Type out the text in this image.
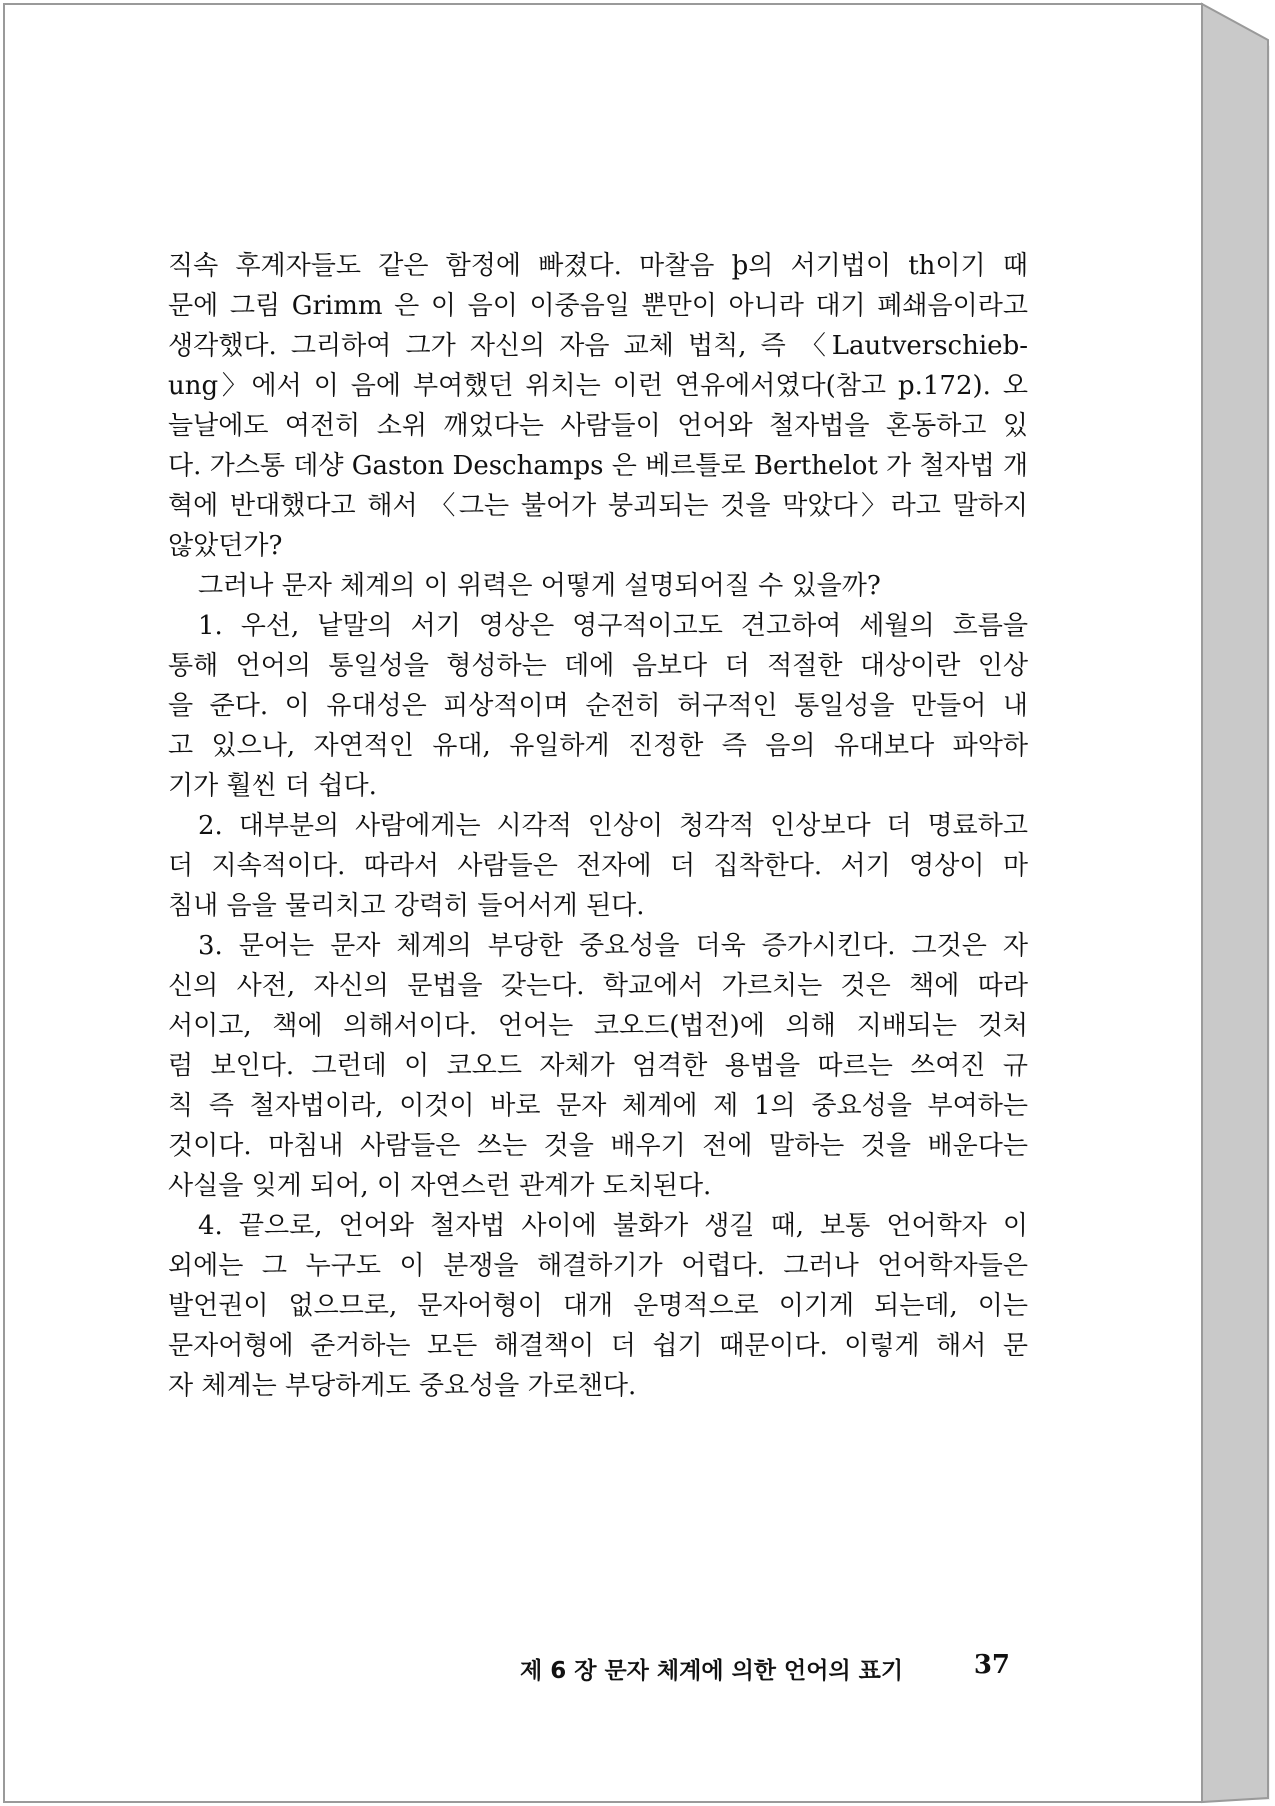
직속 후계자들도 같은 함정에 빠졌다. 마찰음 þ의 서기법이 th이기 때
문에 그림 Grimm 은 이 음이 이중음일 뿐만이 아니라 대기 폐쇄음이라고
생각했다. 그리하여 그가 자신의 자음 교체 법칙, 즉 〈Lautverschieb-
ung〉에서 이 음에 부여했던 위치는 이런 연유에서였다(참고 p.172). 오
늘날에도 여전히 소위 깨었다는 사람들이 언어와 철자법을 혼동하고 있
다. 가스통 데샹 Gaston Deschamps 은 베르틀로 Berthelot 가 철자법 개
혁에 반대했다고 해서 〈그는 불어가 붕괴되는 것을 막았다〉라고 말하지
않았던가?
그러나 문자 체계의 이 위력은 어떻게 설명되어질 수 있을까?
1. 우선, 낱말의 서기 영상은 영구적이고도 견고하여 세월의 흐름을
통해 언어의 통일성을 형성하는 데에 음보다 더 적절한 대상이란 인상
을 준다. 이 유대성은 피상적이며 순전히 허구적인 통일성을 만들어 내
고 있으나, 자연적인 유대, 유일하게 진정한 즉 음의 유대보다 파악하
기가 훨씬 더 쉽다.
2. 대부분의 사람에게는 시각적 인상이 청각적 인상보다 더 명료하고
더 지속적이다. 따라서 사람들은 전자에 더 집착한다. 서기 영상이 마
침내 음을 물리치고 강력히 들어서게 된다.
3. 문어는 문자 체계의 부당한 중요성을 더욱 증가시킨다. 그것은 자
신의 사전, 자신의 문법을 갖는다. 학교에서 가르치는 것은 책에 따라
서이고, 책에 의해서이다. 언어는 코오드(법전)에 의해 지배되는 것처
럼 보인다. 그런데 이 코오드 자체가 엄격한 용법을 따르는 쓰여진 규
칙 즉 철자법이라, 이것이 바로 문자 체계에 제 1의 중요성을 부여하는
것이다. 마침내 사람들은 쓰는 것을 배우기 전에 말하는 것을 배운다는
사실을 잊게 되어, 이 자연스런 관계가 도치된다.
4. 끝으로, 언어와 철자법 사이에 불화가 생길 때, 보통 언어학자 이
외에는 그 누구도 이 분쟁을 해결하기가 어렵다. 그러나 언어학자들은
발언권이 없으므로, 문자어형이 대개 운명적으로 이기게 되는데, 이는
문자어형에 준거하는 모든 해결책이 더 쉽기 때문이다. 이렇게 해서 문
자 체계는 부당하게도 중요성을 가로챈다.
제 6 장 문자 체계에 의한 언어의 표기	37
